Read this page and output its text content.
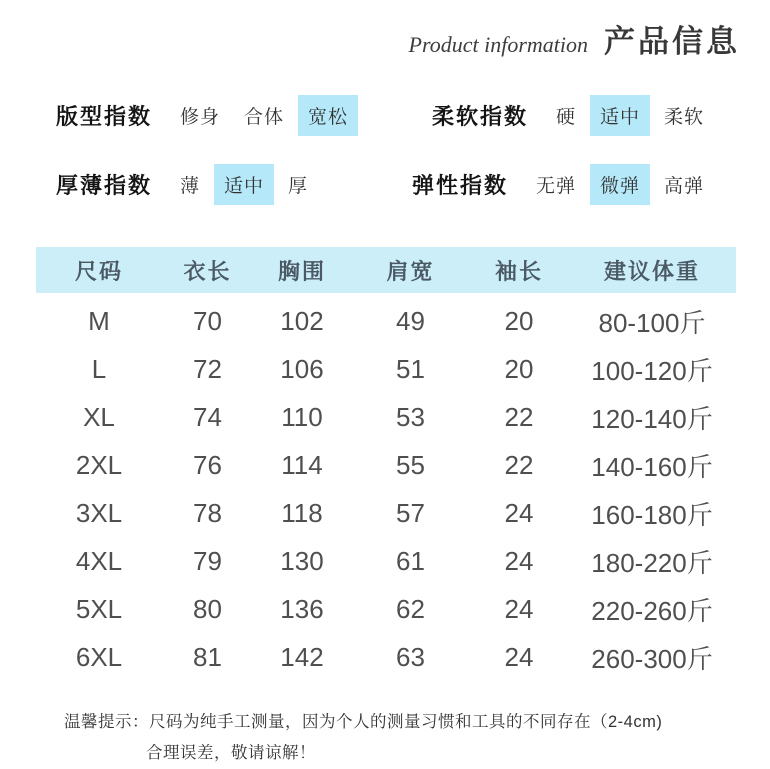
Product information 产品信息
版型指数	修身	合体	宽松	柔软指数	硬	适中	柔软
厚薄指数	薄	适中	厚	弹性指数	无弹	微弹	高弹
尺码	衣长	胸围	肩宽	袖长	建议体重
M	70	102	49	20	80-100斤
L	72	106	51	20	100-120斤
XL	74	110	53	22	120-140斤
2XL	76	114	55	22	140-160斤
3XL	78	118	57	24	160-180斤
4XL	79	130	61	24	180-220斤
5XL	80	136	62	24	220-260斤
6XL	81	142	63	24	260-300斤
温馨提示：尺码为纯手工测量，因为个人的测量习惯和工具的不同存在（2-4cm)
合理误差，敬请谅解！
